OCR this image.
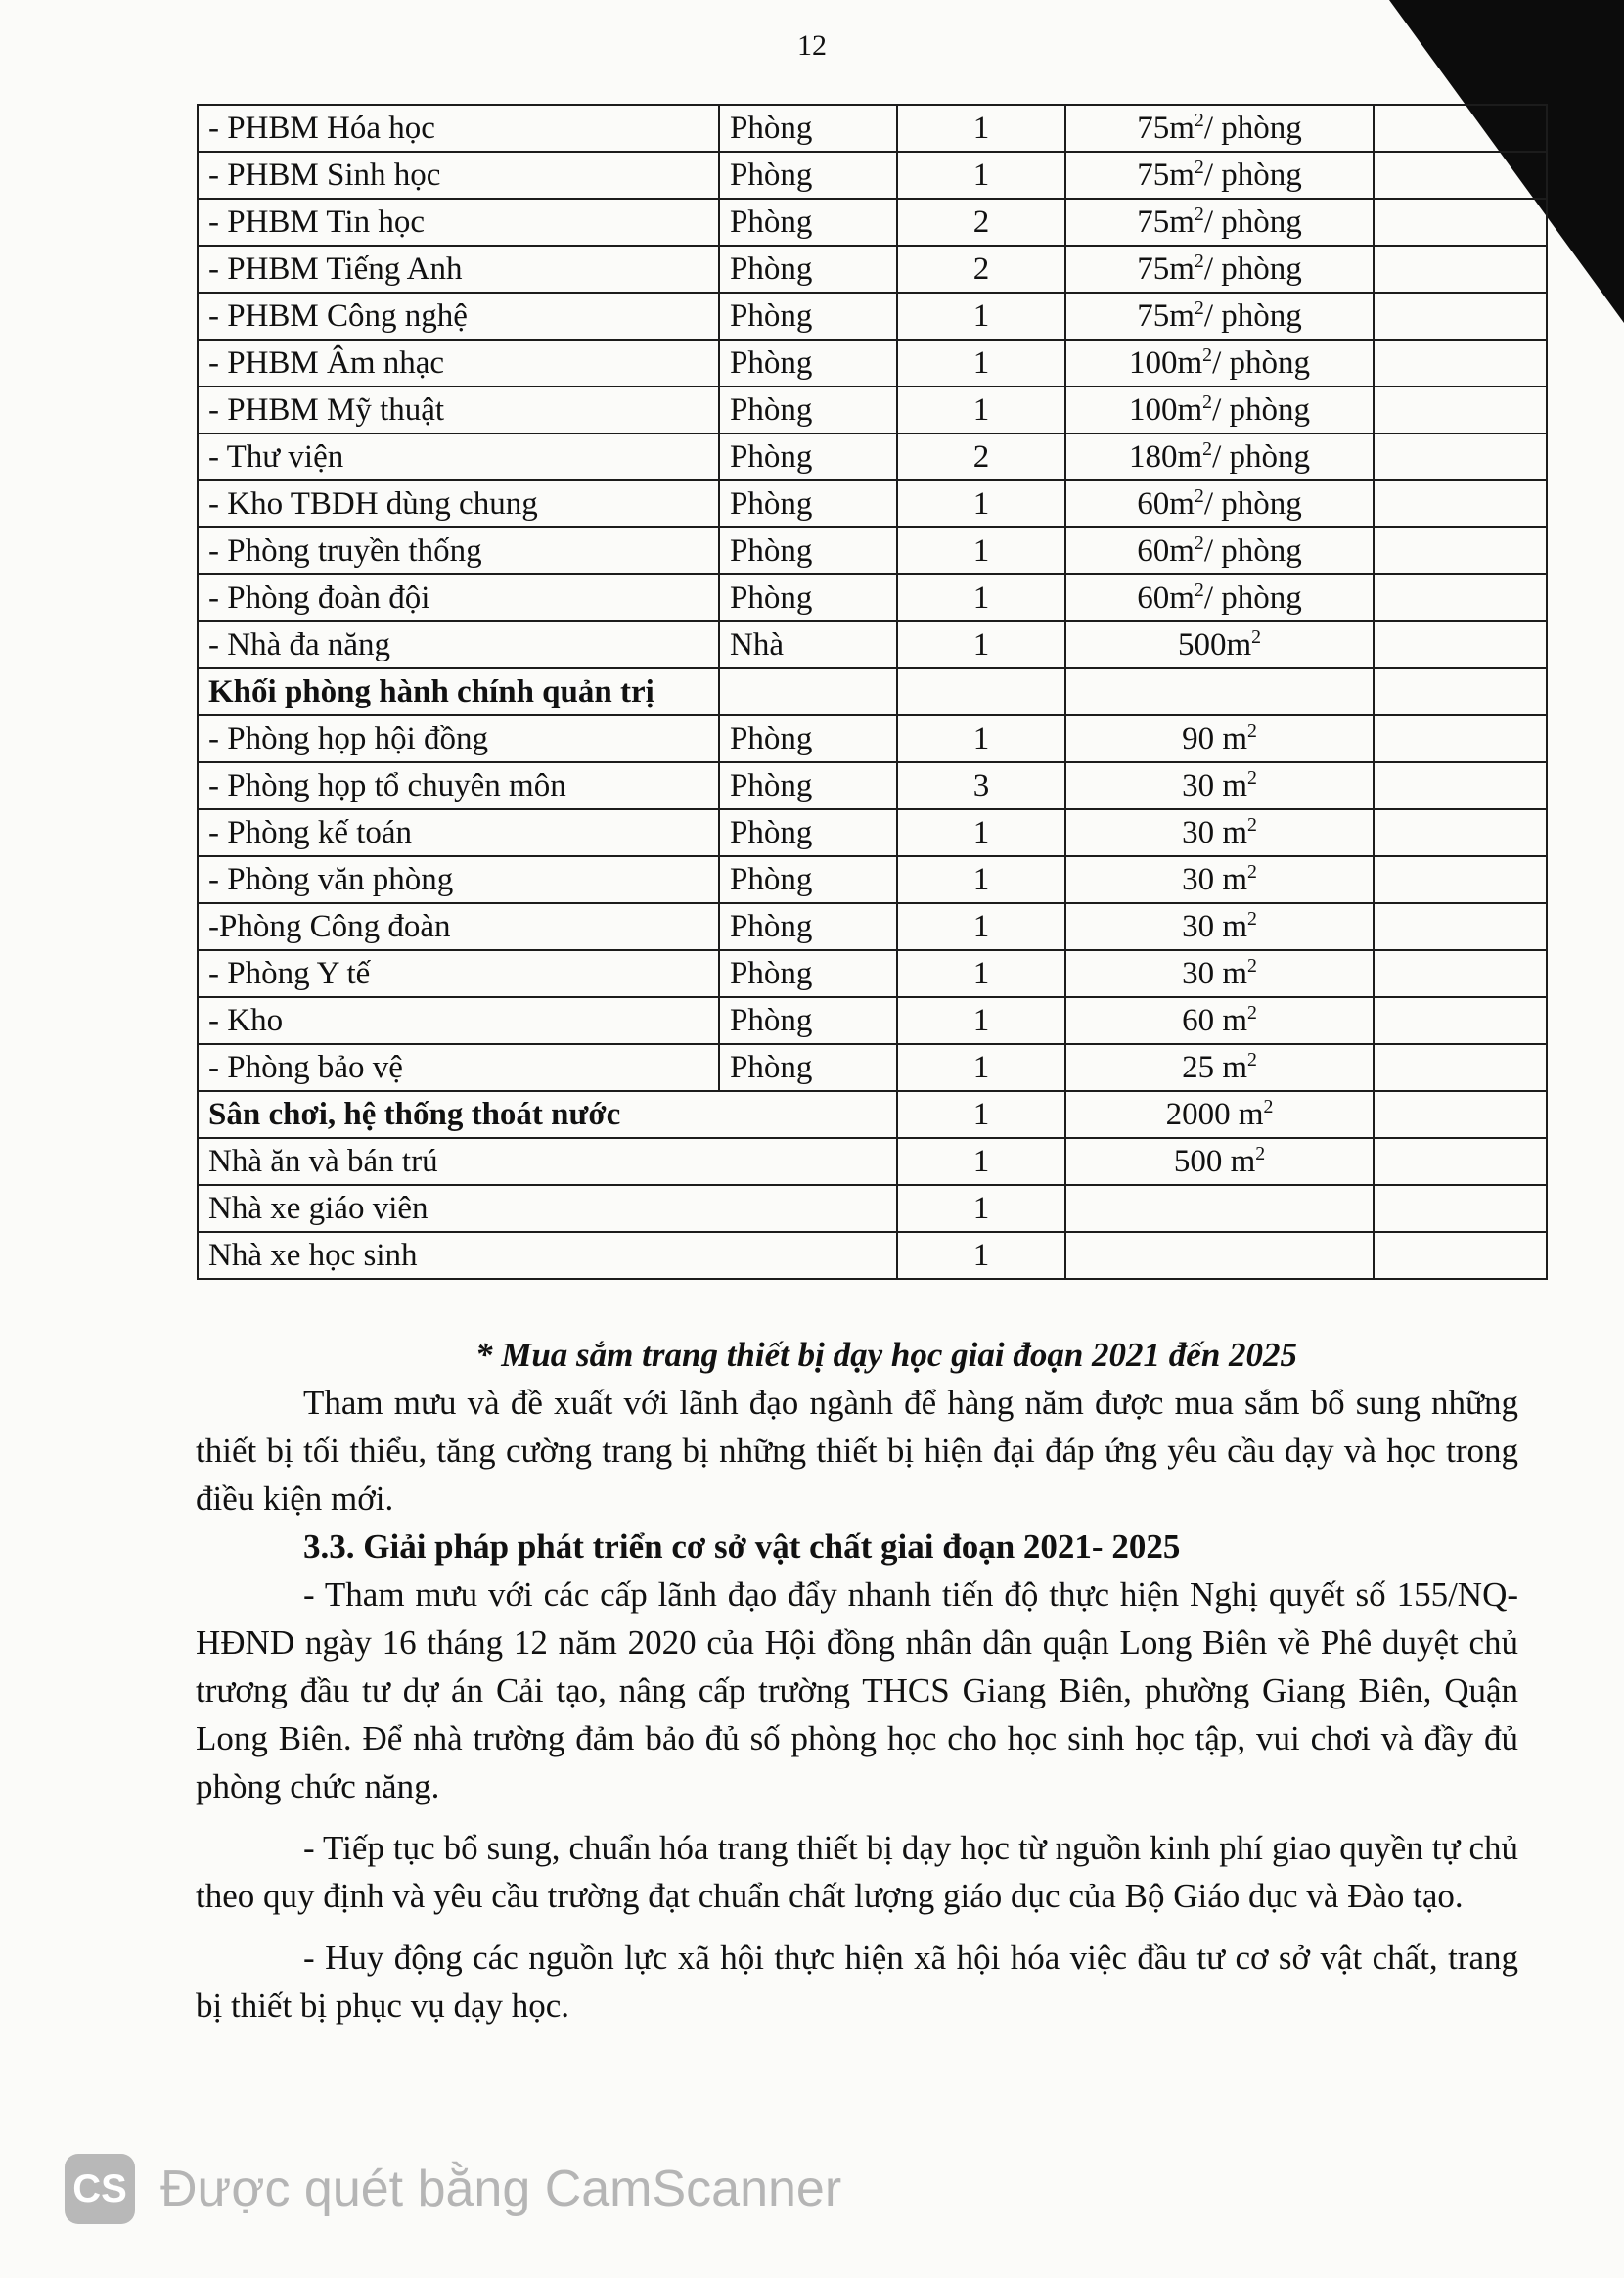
12
- PHBM Hóa học	Phòng	1	$75m^2/$ phòng	
- PHBM Sinh học	Phòng	1	$75m^2/$ phòng	
- PHBM Tin học	Phòng	2	$75m^2/$ phòng	
- PHBM Tiếng Anh	Phòng	2	$75m^2/$ phòng	
- PHBM Công nghệ	Phòng	1	$75m^2/$ phòng	
- PHBM Âm nhạc	Phòng	1	$100m^2/$ phòng	
- PHBM Mỹ thuật	Phòng	1	$100m^2/$ phòng	
- Thư viện	Phòng	2	$180m^2/$ phòng	
- Kho TBDH dùng chung	Phòng	1	$60m^2/$ phòng	
- Phòng truyền thống	Phòng	1	$60m^2/$ phòng	
- Phòng đoàn đội	Phòng	1	$60m^2/$ phòng	
- Nhà đa năng	Nhà	1	$500m^2$	
Khối phòng hành chính quản trị				
- Phòng họp hội đồng	Phòng	1	90 $m^2$	
- Phòng họp tổ chuyên môn	Phòng	3	30 $m^2$	
- Phòng kế toán	Phòng	1	30 $m^2$	
- Phòng văn phòng	Phòng	1	30 $m^2$	
-Phòng Công đoàn	Phòng	1	30 $m^2$	
- Phòng Y tế	Phòng	1	30 $m^2$	
- Kho	Phòng	1	60 $m^2$	
- Phòng bảo vệ	Phòng	1	25 $m^2$	
Sân chơi, hệ thống thoát nước		1	2000 $m^2$	
Nhà ăn và bán trú		1	500 $m^2$	
Nhà xe giáo viên		1		
Nhà xe học sinh		1		

* Mua sắm trang thiết bị dạy học giai đoạn 2021 đến 2025

Tham mưu và đề xuất với lãnh đạo ngành để hàng năm được mua sắm bổ sung những thiết bị tối thiểu, tăng cường trang bị những thiết bị hiện đại đáp ứng yêu cầu dạy và học trong điều kiện mới.

3.3. Giải pháp phát triển cơ sở vật chất giai đoạn 2021- 2025

- Tham mưu với các cấp lãnh đạo đẩy nhanh tiến độ thực hiện Nghị quyết số 155/NQ-HĐND ngày 16 tháng 12 năm 2020 của Hội đồng nhân dân quận Long Biên về Phê duyệt chủ trương đầu tư dự án Cải tạo, nâng cấp trường THCS Giang Biên, phường Giang Biên, Quận Long Biên. Để nhà trường đảm bảo đủ số phòng học cho học sinh học tập, vui chơi và đầy đủ phòng chức năng.

- Tiếp tục bổ sung, chuẩn hóa trang thiết bị dạy học từ nguồn kinh phí giao quyền tự chủ theo quy định và yêu cầu trường đạt chuẩn chất lượng giáo dục của Bộ Giáo dục và Đào tạo.

- Huy động các nguồn lực xã hội thực hiện xã hội hóa việc đầu tư cơ sở vật chất, trang bị thiết bị phục vụ dạy học.

CS Được quét bằng CamScanner
